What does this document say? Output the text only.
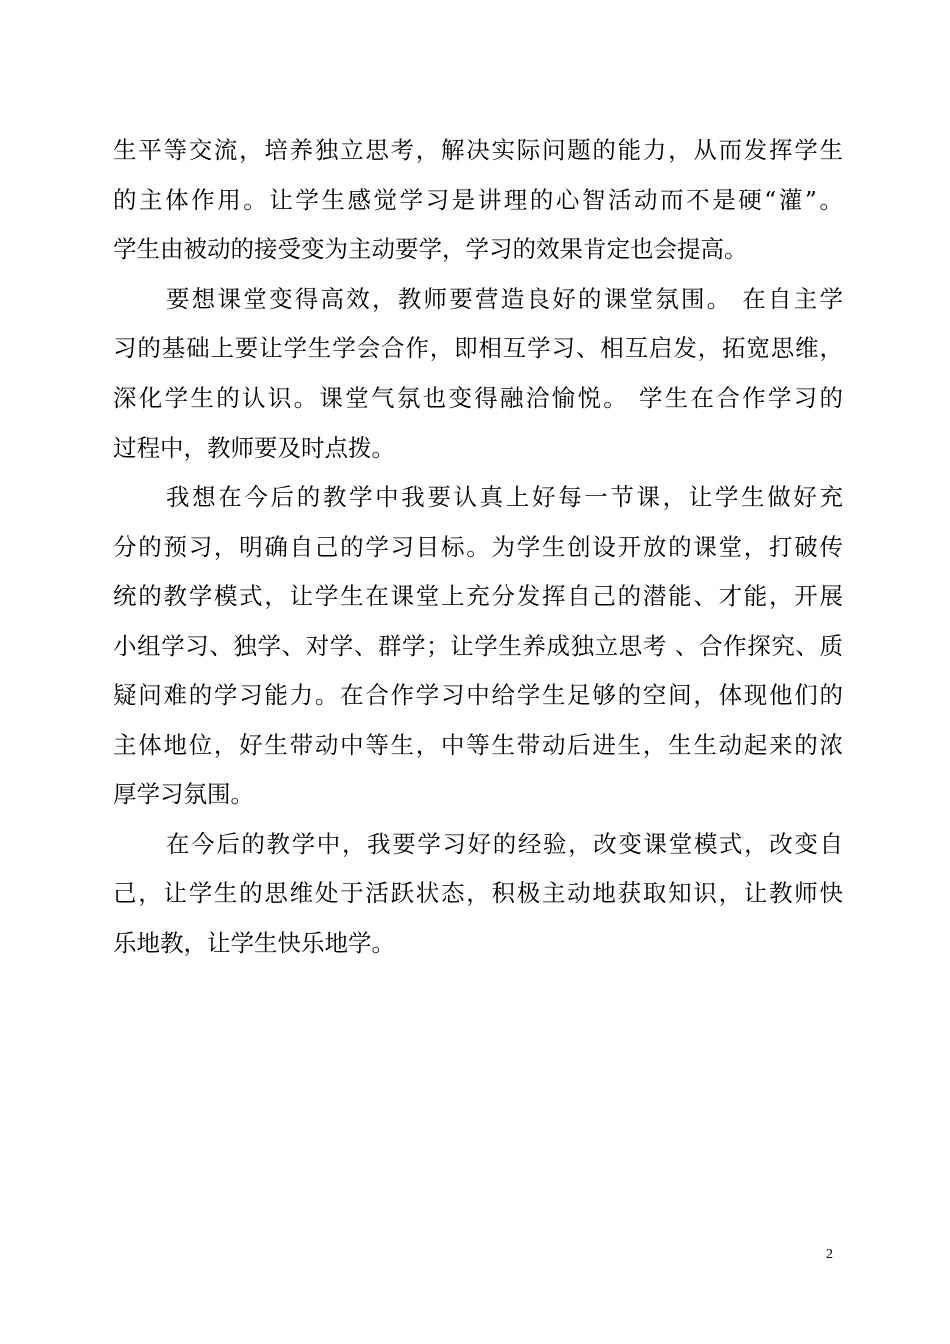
生平等交流，培养独立思考，解决实际问题的能力，从而发挥学生
的主体作用。让学生感觉学习是讲理的心智活动而不是硬“灌”。
学生由被动的接受变为主动要学，学习的效果肯定也会提高。
要想课堂变得高效，教师要营造良好的课堂氛围。 在自主学
习的基础上要让学生学会合作，即相互学习、相互启发，拓宽思维，
深化学生的认识。课堂气氛也变得融洽愉悦。 学生在合作学习的
过程中，教师要及时点拨。
我想在今后的教学中我要认真上好每一节课，让学生做好充
分的预习，明确自己的学习目标。为学生创设开放的课堂，打破传
统的教学模式，让学生在课堂上充分发挥自己的潜能、才能，开展
小组学习、独学、对学、群学；让学生养成独立思考 、合作探究、质
疑问难的学习能力。在合作学习中给学生足够的空间，体现他们的
主体地位，好生带动中等生，中等生带动后进生，生生动起来的浓
厚学习氛围。
在今后的教学中，我要学习好的经验，改变课堂模式，改变自
己，让学生的思维处于活跃状态，积极主动地获取知识，让教师快
乐地教，让学生快乐地学。
2
